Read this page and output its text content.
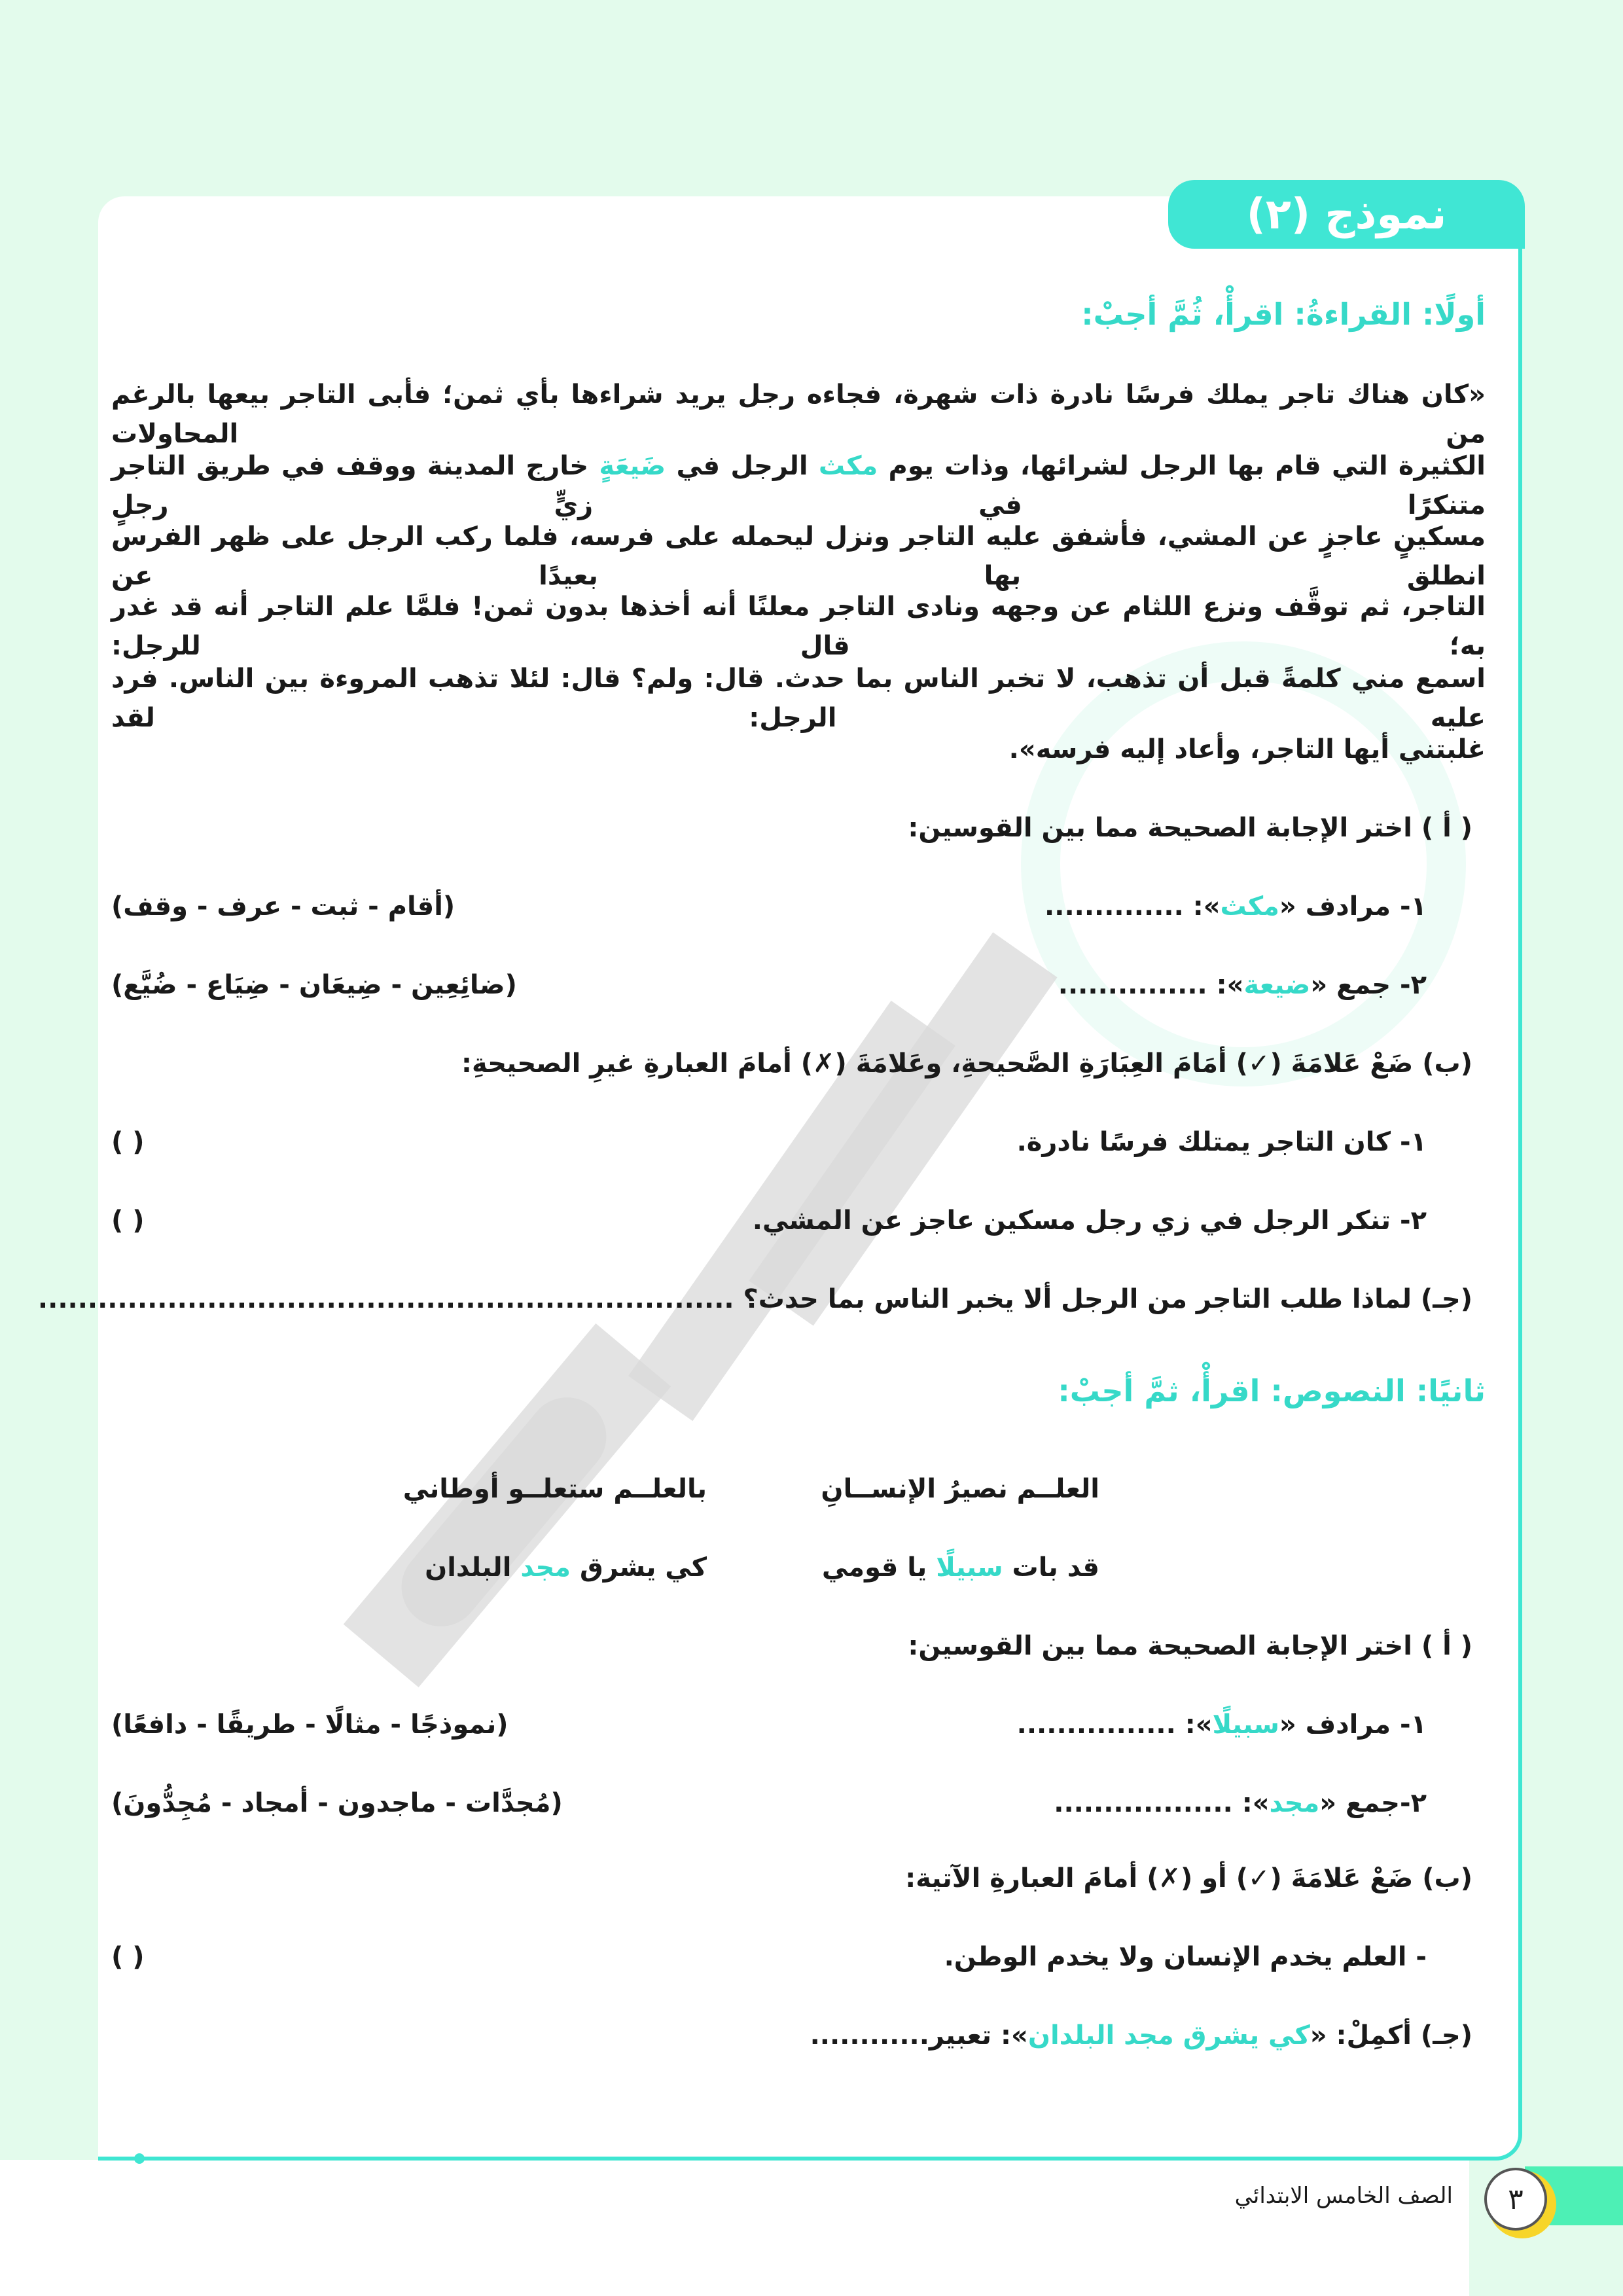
نموذج (٢)
أولًا: القراءةُ: اقرأْ، ثُمَّ أجبْ:
«كان هناك تاجر يملك فرسًا نادرة ذات شهرة، فجاءه رجل يريد شراءها بأي ثمن؛ فأبى التاجر بيعها بالرغم من المحاولات
الكثيرة التي قام بها الرجل لشرائها، وذات يوم مكث الرجل في ضَيعَةٍ خارج المدينة ووقف في طريق التاجر متنكرًا في زيٍّ رجلٍ
مسكينٍ عاجزٍ عن المشي، فأشفق عليه التاجر ونزل ليحمله على فرسه، فلما ركب الرجل على ظهر الفرس انطلق بها بعيدًا عن
التاجر، ثم توقَّف ونزع اللثام عن وجهه ونادى التاجر معلنًا أنه أخذها بدون ثمن! فلمَّا علم التاجر أنه قد غدر به؛ قال للرجل:
اسمع مني كلمةً قبل أن تذهب، لا تخبر الناس بما حدث. قال: ولم؟ قال: لئلا تذهب المروءة بين الناس. فرد عليه الرجل: لقد
غلبتني أيها التاجر، وأعاد إليه فرسه».
( أ ) اختر الإجابة الصحيحة مما بين القوسين:
١- مرادف «مكث»: ..............
(أقام - ثبت - عرف - وقف)
٢- جمع «ضيعة»: ...............
(ضائِعِين - ضِيعَان - ضِيَاع - ضُيَّع)
(ب) ضَعْ عَلامَةَ (✓) أمَامَ العِبَارَةِ الصَّحيحةِ، وعَلامَةَ (✗) أمامَ العبارةِ غيرِ الصحيحةِ:
١- كان التاجر يمتلك فرسًا نادرة.
( )
٢- تنكر الرجل في زي رجل مسكين عاجز عن المشي.
( )
(جـ) لماذا طلب التاجر من الرجل ألا يخبر الناس بما حدث؟ ......................................................................
ثانيًا: النصوص: اقرأْ، ثمَّ أجبْ:
العلــم نصيرُ الإنســانِ
بالعلــم ستعلــو أوطاني
قد بات سبيلًا يا قومي
كي يشرق مجد البلدان
( أ ) اختر الإجابة الصحيحة مما بين القوسين:
١- مرادف «سبيلًا»: ................
(نموذجًا - مثالًا - طريقًا - دافعًا)
٢-جمع «مجد»: ..................
(مُجدَّات - ماجدون - أمجاد - مُجِدُّونَ)
(ب) ضَعْ عَلامَةَ (✓) أو (✗) أمامَ العبارةِ الآتية:
- العلم يخدم الإنسان ولا يخدم الوطن.
( )
(جـ) أكمِلْ: «كي يشرق مجد البلدان»: تعبير............
٣
الصف الخامس الابتدائي
